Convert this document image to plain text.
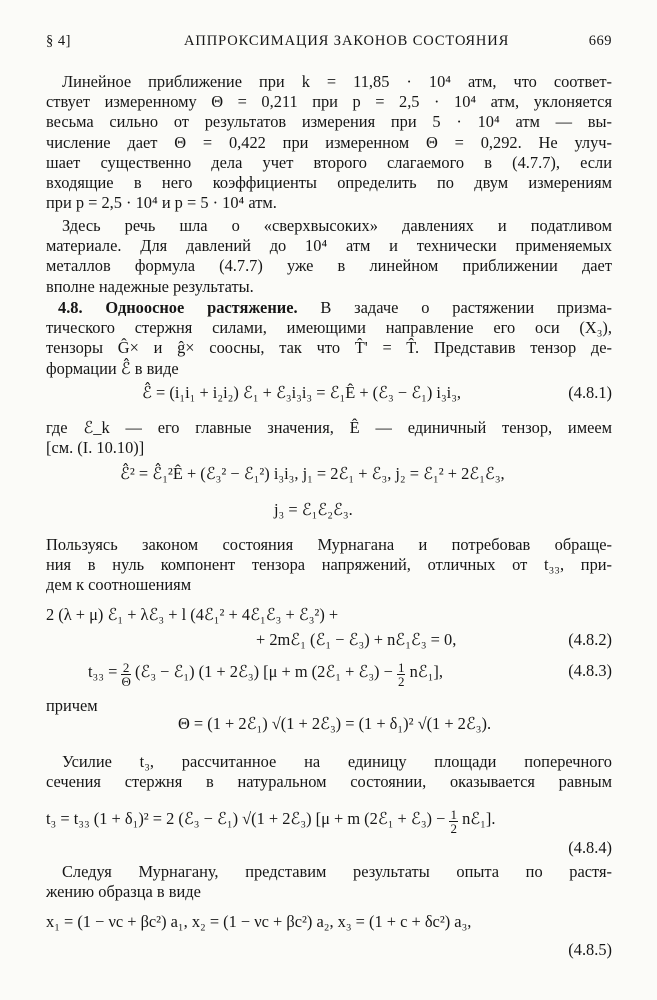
§ 4]	АППРОКСИМАЦИЯ ЗАКОНОВ СОСТОЯНИЯ	669
Линейное приближение при k = 11,85 · 10⁴ атм, что соответ-
ствует измеренному Θ = 0,211 при p = 2,5 · 10⁴ атм, уклоняется
весьма сильно от результатов измерения при 5 · 10⁴ атм — вы-
числение дает Θ = 0,422 при измеренном Θ = 0,292. Не улуч-
шает существенно дела учет второго слагаемого в (4.7.7), если
входящие в него коэффициенты определить по двум измерениям
при p = 2,5 · 10⁴ и p = 5 · 10⁴ атм.
Здесь речь шла о «сверхвысоких» давлениях и податливом
материале. Для давлений до 10⁴ атм и технически применяемых
металлов формула (4.7.7) уже в линейном приближении дает
вполне надежные результаты.
4.8. Одноосное растяжение. В задаче о растяжении призма-
тического стержня силами, имеющими направление его оси (X₃),
тензоры Ĝ× и ĝ× соосны, так что T̂' = T̂. Представив тензор де-
формации ℰ̂ в виде
ℰ̂ = (i₁i₁ + i₂i₂) ℰ₁ + ℰ₃i₃i₃ = ℰ₁Ê + (ℰ₃ − ℰ₁) i₃i₃,	(4.8.1)
где ℰ_k — его главные значения, Ê — единичный тензор, имеем
[см. (I. 10.10)]
ℰ̂² = ℰ̂₁²Ê + (ℰ₃² − ℰ₁²) i₃i₃, j₁ = 2ℰ₁ + ℰ₃, j₂ = ℰ₁² + 2ℰ₁ℰ₃,
j₃ = ℰ₁ℰ₂ℰ₃.
Пользуясь законом состояния Мурнагана и потребовав обраще-
ния в нуль компонент тензора напряжений, отличных от t₃₃, при-
дем к соотношениям
2 (λ + μ) ℰ₁ + λℰ₃ + l (4ℰ₁² + 4ℰ₁ℰ₃ + ℰ₃²) +
+ 2mℰ₁ (ℰ₁ − ℰ₃) + nℰ₁ℰ₃ = 0,	(4.8.2)
$t_{33} = \frac{2}{\Theta}$ (ℰ₃ − ℰ₁) (1 + 2ℰ₃) [μ + m (2ℰ₁ + ℰ₃) − $\frac{1}{2}$ nℰ₁],	(4.8.3)
причем
Θ = (1 + 2ℰ₁) √(1 + 2ℰ₃) = (1 + δ₁)² √(1 + 2ℰ₃).
Усилие t₃, рассчитанное на единицу площади поперечного
сечения стержня в натуральном состоянии, оказывается равным
t₃ = t₃₃ (1 + δ₁)² = 2 (ℰ₃ − ℰ₁) √(1 + 2ℰ₃) [μ + m (2ℰ₁ + ℰ₃) − $\frac{1}{2}$ nℰ₁].
(4.8.4)
Следуя Мурнагану, представим результаты опыта по растя-
жению образца в виде
x₁ = (1 − νc + βc²) a₁, x₂ = (1 − νc + βc²) a₂, x₃ = (1 + c + δc²) a₃,
(4.8.5)
